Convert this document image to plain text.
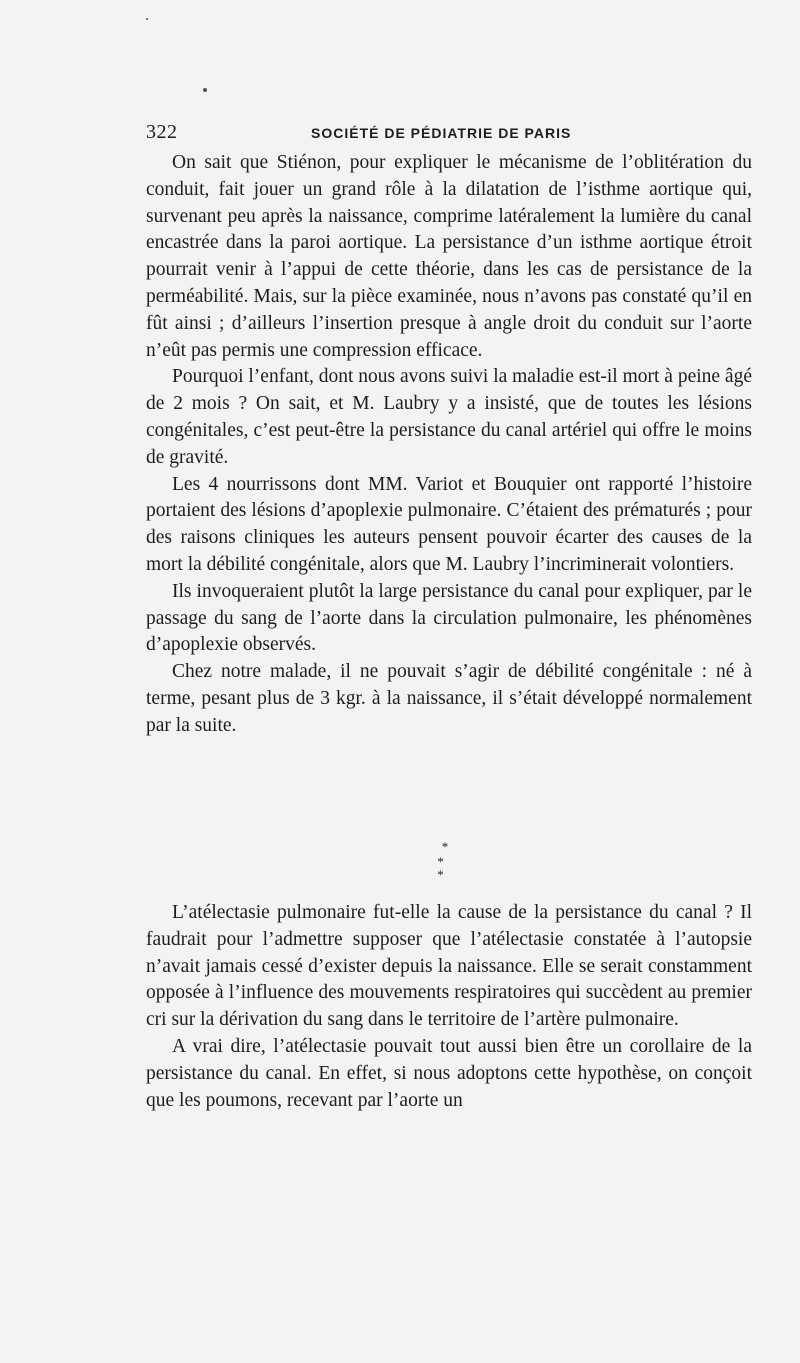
322	SOCIÉTÉ DE PÉDIATRIE DE PARIS

On sait que Stiénon, pour expliquer le mécanisme de l’oblitération du conduit, fait jouer un grand rôle à la dilatation de l’isthme aortique qui, survenant peu après la naissance, comprime latéralement la lumière du canal encastrée dans la paroi aortique. La persistance d’un isthme aortique étroit pourrait venir à l’appui de cette théorie, dans les cas de persistance de la perméabilité. Mais, sur la pièce examinée, nous n’avons pas constaté qu’il en fût ainsi ; d’ailleurs l’insertion presque à angle droit du conduit sur l’aorte n’eût pas permis une compression efficace.

Pourquoi l’enfant, dont nous avons suivi la maladie est-il mort à peine âgé de 2 mois ? On sait, et M. Laubry y a insisté, que de toutes les lésions congénitales, c’est peut-être la persistance du canal artériel qui offre le moins de gravité.

Les 4 nourrissons dont MM. Variot et Bouquier ont rapporté l’histoire portaient des lésions d’apoplexie pulmonaire. C’étaient des prématurés ; pour des raisons cliniques les auteurs pensent pouvoir écarter des causes de la mort la débilité congénitale, alors que M. Laubry l’incriminerait volontiers.

Ils invoqueraient plutôt la large persistance du canal pour expliquer, par le passage du sang de l’aorte dans la circulation pulmonaire, les phénomènes d’apoplexie observés.

Chez notre malade, il ne pouvait s’agir de débilité congénitale : né à terme, pesant plus de 3 kgr. à la naissance, il s’était développé normalement par la suite.

*
* *

L’atélectasie pulmonaire fut-elle la cause de la persistance du canal ? Il faudrait pour l’admettre supposer que l’atélectasie constatée à l’autopsie n’avait jamais cessé d’exister depuis la naissance. Elle se serait constamment opposée à l’influence des mouvements respiratoires qui succèdent au premier cri sur la dérivation du sang dans le territoire de l’artère pulmonaire.

A vrai dire, l’atélectasie pouvait tout aussi bien être un corollaire de la persistance du canal. En effet, si nous adoptons cette hypothèse, on conçoit que les poumons, recevant par l’aorte un
